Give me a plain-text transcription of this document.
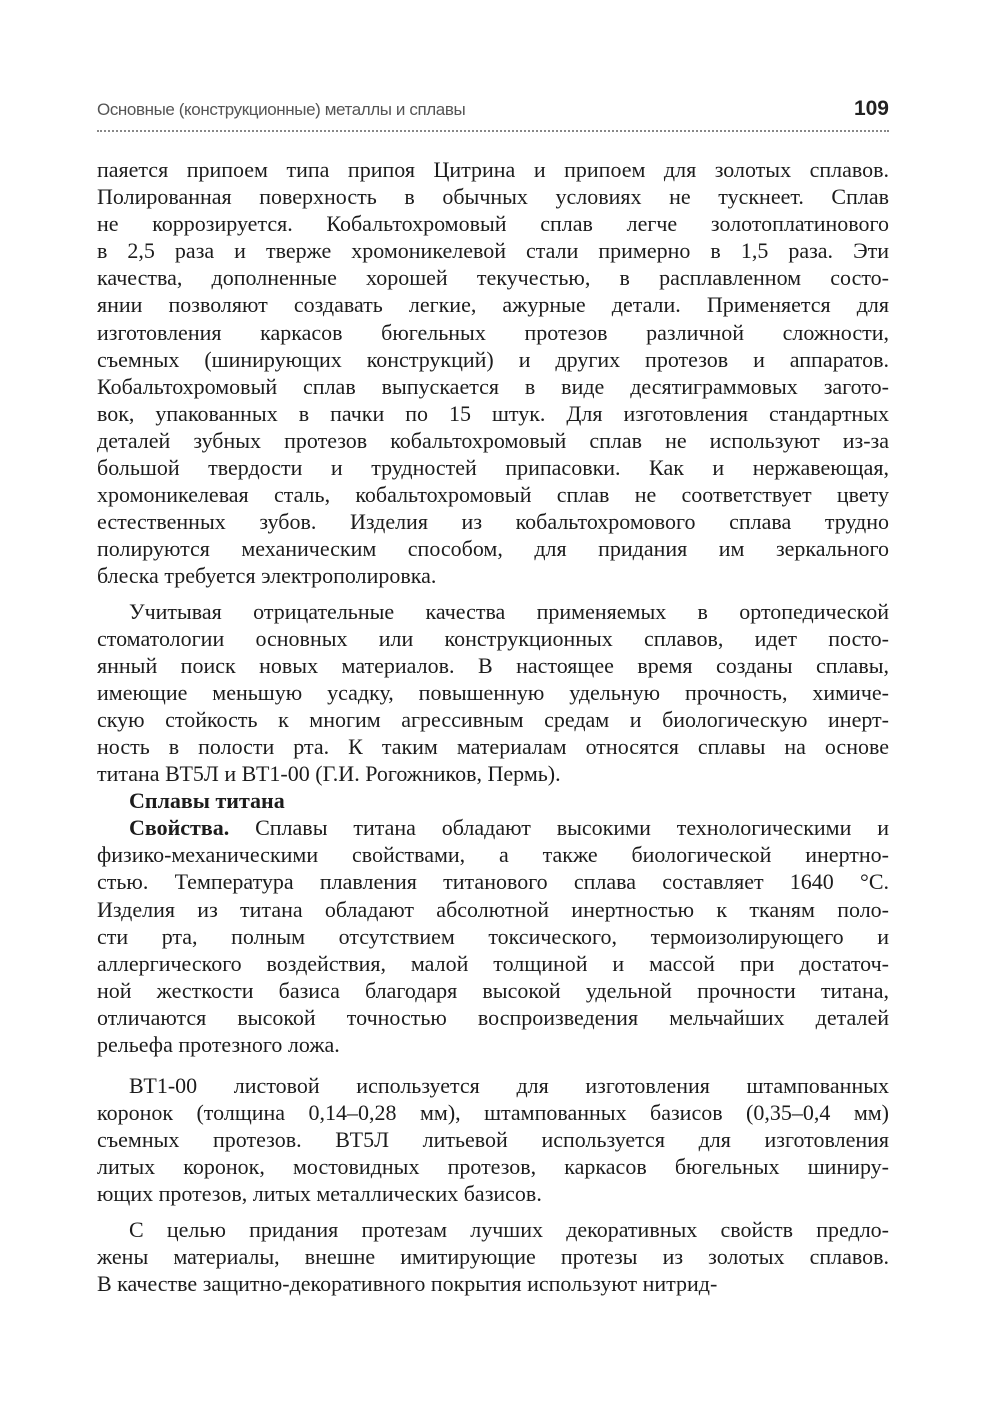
Основные (конструкционные) металлы и сплавы	109
паяется припоем типа припоя Цитрина и припоем для золотых сплавов.
Полированная поверхность в обычных условиях не тускнеет. Сплав
не коррозируется. Кобальтохромовый сплав легче золотоплатинового
в 2,5 раза и тверже хромоникелевой стали примерно в 1,5 раза. Эти
качества, дополненные хорошей текучестью, в расплавленном состо-
янии позволяют создавать легкие, ажурные детали. Применяется для
изготовления каркасов бюгельных протезов различной сложности,
съемных (шинирующих конструкций) и других протезов и аппаратов.
Кобальтохромовый сплав выпускается в виде десятиграммовых загото-
вок, упакованных в пачки по 15 штук. Для изготовления стандартных
деталей зубных протезов кобальтохромовый сплав не используют из-за
большой твердости и трудностей припасовки. Как и нержавеющая,
хромоникелевая сталь, кобальтохромовый сплав не соответствует цвету
естественных зубов. Изделия из кобальтохромового сплава трудно
полируются механическим способом, для придания им зеркального
блеска требуется электрополировка.
Учитывая отрицательные качества применяемых в ортопедической
стоматологии основных или конструкционных сплавов, идет посто-
янный поиск новых материалов. В настоящее время созданы сплавы,
имеющие меньшую усадку, повышенную удельную прочность, химиче-
скую стойкость к многим агрессивным средам и биологическую инерт-
ность в полости рта. К таким материалам относятся сплавы на основе
титана ВТ5Л и ВТ1-00 (Г.И. Рогожников, Пермь).
Сплавы титана
Свойства. Сплавы титана обладают высокими технологическими и
физико-механическими свойствами, а также биологической инертно-
стью. Температура плавления титанового сплава составляет 1640 °С.
Изделия из титана обладают абсолютной инертностью к тканям поло-
сти рта, полным отсутствием токсического, термоизолирующего и
аллергического воздействия, малой толщиной и массой при достаточ-
ной жесткости базиса благодаря высокой удельной прочности титана,
отличаются высокой точностью воспроизведения мельчайших деталей
рельефа протезного ложа.
ВТ1-00 листовой используется для изготовления штампованных
коронок (толщина 0,14–0,28 мм), штампованных базисов (0,35–0,4 мм)
съемных протезов. ВТ5Л литьевой используется для изготовления
литых коронок, мостовидных протезов, каркасов бюгельных шиниру-
ющих протезов, литых металлических базисов.
С целью придания протезам лучших декоративных свойств предло-
жены материалы, внешне имитирующие протезы из золотых сплавов.
В качестве защитно-декоративного покрытия используют нитрид-
